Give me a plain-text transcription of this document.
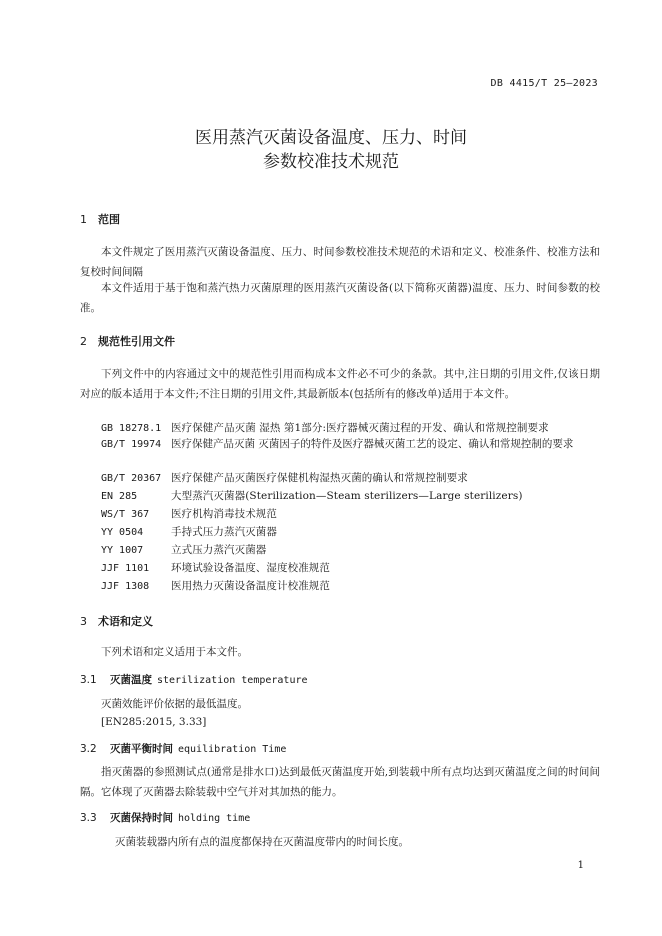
DB 4415/T 25—2023
医用蒸汽灭菌设备温度、压力、时间
参数校准技术规范
1 范围
本文件规定了医用蒸汽灭菌设备温度、压力、时间参数校准技术规范的术语和定义、校准条件、校准方法和复校时间间隔
本文件适用于基于饱和蒸汽热力灭菌原理的医用蒸汽灭菌设备(以下简称灭菌器)温度、压力、时间参数的校准。
2 规范性引用文件
下列文件中的内容通过文中的规范性引用而构成本文件必不可少的条款。其中,注日期的引用文件,仅该日期对应的版本适用于本文件;不注日期的引用文件,其最新版本(包括所有的修改单)适用于本文件。
GB 18278.1 医疗保健产品灭菌 湿热 第1部分:医疗器械灭菌过程的开发、确认和常规控制要求
GB/T 19974 医疗保健产品灭菌 灭菌因子的特件及医疗器械灭菌工艺的设定、确认和常规控制的要求
GB/T 20367 医疗保健产品灭菌医疗保健机构湿热灭菌的确认和常规控制要求
EN 285	大型蒸汽灭菌器(Sterilization—Steam sterilizers—Large sterilizers)
WS/T 367 医疗机构消毒技术规范
YY 0504	手持式压力蒸汽灭菌器
YY 1007	立式压力蒸汽灭菌器
JJF 1101 环境试验设备温度、湿度校准规范
JJF 1308 医用热力灭菌设备温度计校准规范
3 术语和定义
下列术语和定义适用于本文件。
3.1 灭菌温度 sterilization temperature
灭菌效能评价依据的最低温度。
[EN285:2015, 3.33]
3.2 灭菌平衡时间 equilibration Time
指灭菌器的参照测试点(通常是排水口)达到最低灭菌温度开始,到装载中所有点均达到灭菌温度之间的时间间隔。它体现了灭菌器去除装载中空气并对其加热的能力。
3.3 灭菌保持时间 holding time
灭菌装载器内所有点的温度都保持在灭菌温度带内的时间长度。
1
